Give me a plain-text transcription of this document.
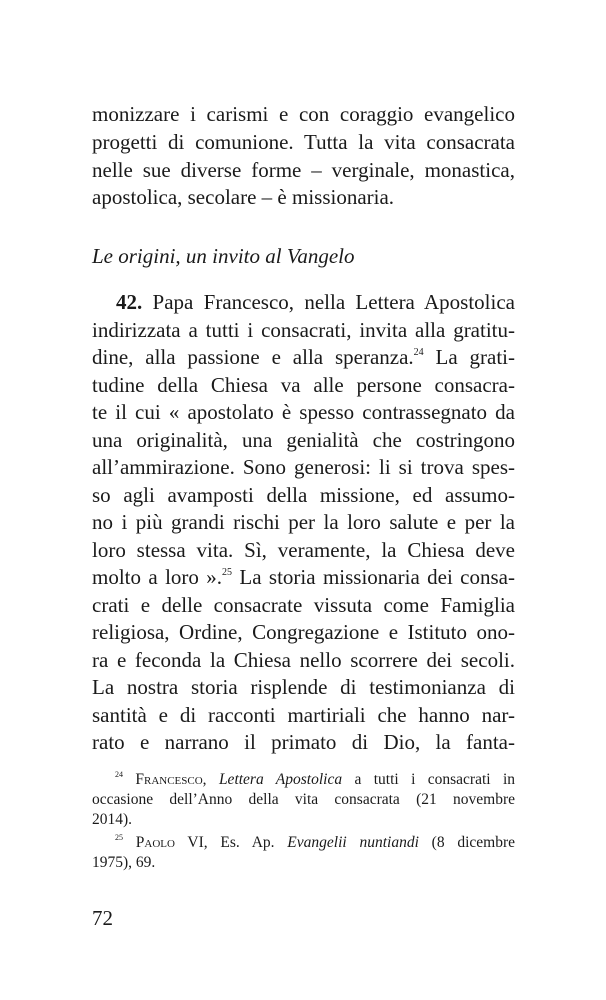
monizzare i carismi e con coraggio evangelico
progetti di comunione. Tutta la vita consacrata
nelle sue diverse forme – verginale, monastica,
apostolica, secolare – è missionaria.
Le origini, un invito al Vangelo
42. Papa Francesco, nella Lettera Apostolica
indirizzata a tutti i consacrati, invita alla gratitu-
dine, alla passione e alla speranza.$^{24}$ La grati-
tudine della Chiesa va alle persone consacra-
te il cui « apostolato è spesso contrassegnato da
una originalità, una genialità che costringono
all’ammirazione. Sono generosi: li si trova spes-
so agli avamposti della missione, ed assumo-
no i più grandi rischi per la loro salute e per la
loro stessa vita. Sì, veramente, la Chiesa deve
molto a loro ».$^{25}$ La storia missionaria dei consa-
crati e delle consacrate vissuta come Famiglia
religiosa, Ordine, Congregazione e Istituto ono-
ra e feconda la Chiesa nello scorrere dei secoli.
La nostra storia risplende di testimonianza di
santità e di racconti martiriali che hanno nar-
rato e narrano il primato di Dio, la fanta-
$^{24}$ Francesco, Lettera Apostolica a tutti i consacrati in
occasione dell’Anno della vita consacrata (21 novembre
2014).
$^{25}$ Paolo VI, Es. Ap. Evangelii nuntiandi (8 dicembre
1975), 69.
72
